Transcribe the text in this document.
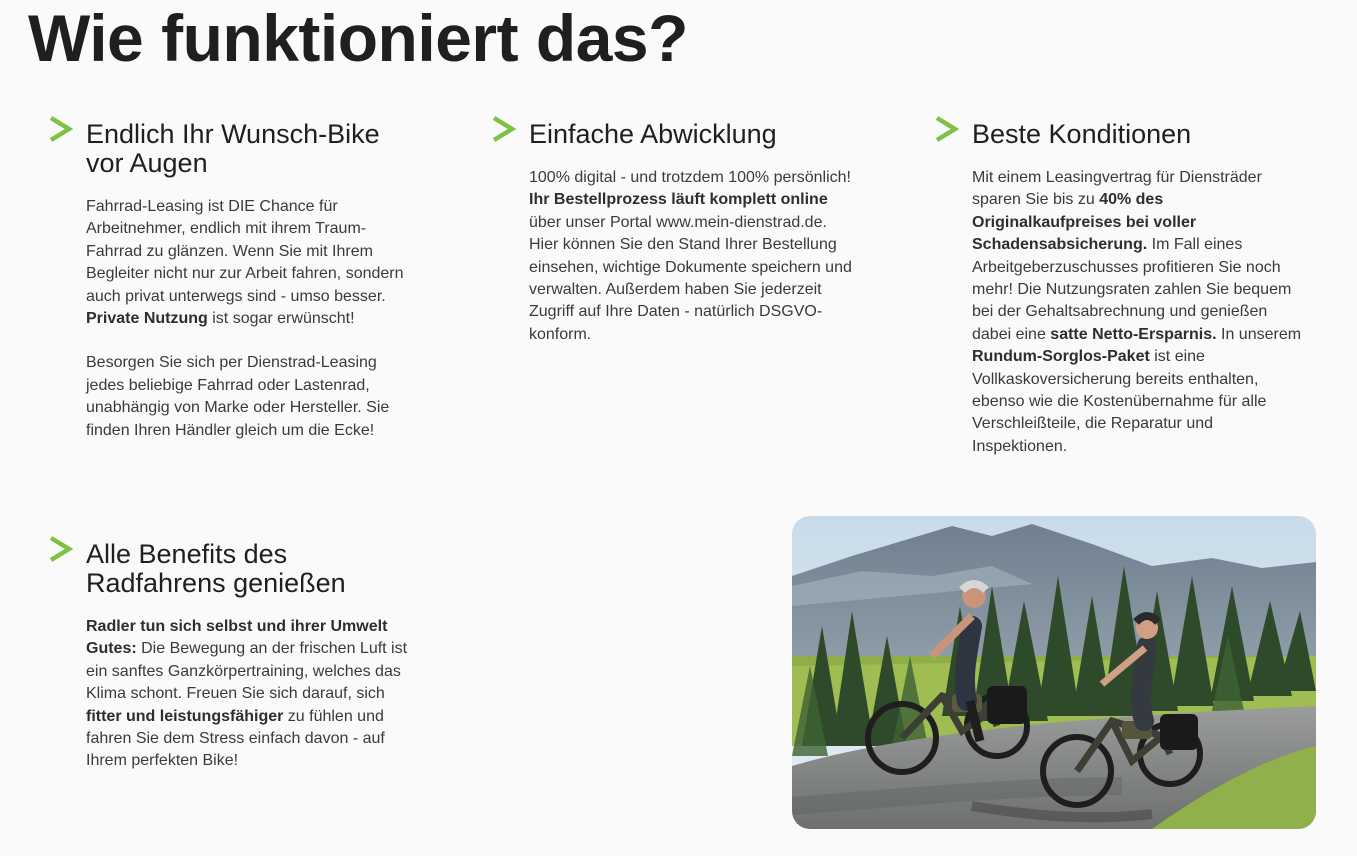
Wie funktioniert das?
Endlich Ihr Wunsch-Bike vor Augen

Fahrrad-Leasing ist DIE Chance für Arbeitnehmer, endlich mit ihrem Traum-Fahrrad zu glänzen. Wenn Sie mit Ihrem Begleiter nicht nur zur Arbeit fahren, sondern auch privat unterwegs sind - umso besser. Private Nutzung ist sogar erwünscht!

Besorgen Sie sich per Dienstrad-Leasing jedes beliebige Fahrrad oder Lastenrad, unabhängig von Marke oder Hersteller. Sie finden Ihren Händler gleich um die Ecke!

Einfache Abwicklung

100% digital - und trotzdem 100% persönlich! Ihr Bestellprozess läuft komplett online über unser Portal www.mein-dienstrad.de. Hier können Sie den Stand Ihrer Bestellung einsehen, wichtige Dokumente speichern und verwalten. Außerdem haben Sie jederzeit Zugriff auf Ihre Daten - natürlich DSGVO-konform.

Beste Konditionen

Mit einem Leasingvertrag für Diensträder sparen Sie bis zu 40% des Originalkaufpreises bei voller Schadensabsicherung. Im Fall eines Arbeitgeberzuschusses profitieren Sie noch mehr! Die Nutzungsraten zahlen Sie bequem bei der Gehaltsabrechnung und genießen dabei eine satte Netto-Ersparnis. In unserem Rundum-Sorglos-Paket ist eine Vollkaskoversicherung bereits enthalten, ebenso wie die Kostenübernahme für alle Verschleißteile, die Reparatur und Inspektionen.

Alle Benefits des Radfahrens genießen

Radler tun sich selbst und ihrer Umwelt Gutes: Die Bewegung an der frischen Luft ist ein sanftes Ganzkörpertraining, welches das Klima schont. Freuen Sie sich darauf, sich fitter und leistungsfähiger zu fühlen und fahren Sie dem Stress einfach davon - auf Ihrem perfekten Bike!
